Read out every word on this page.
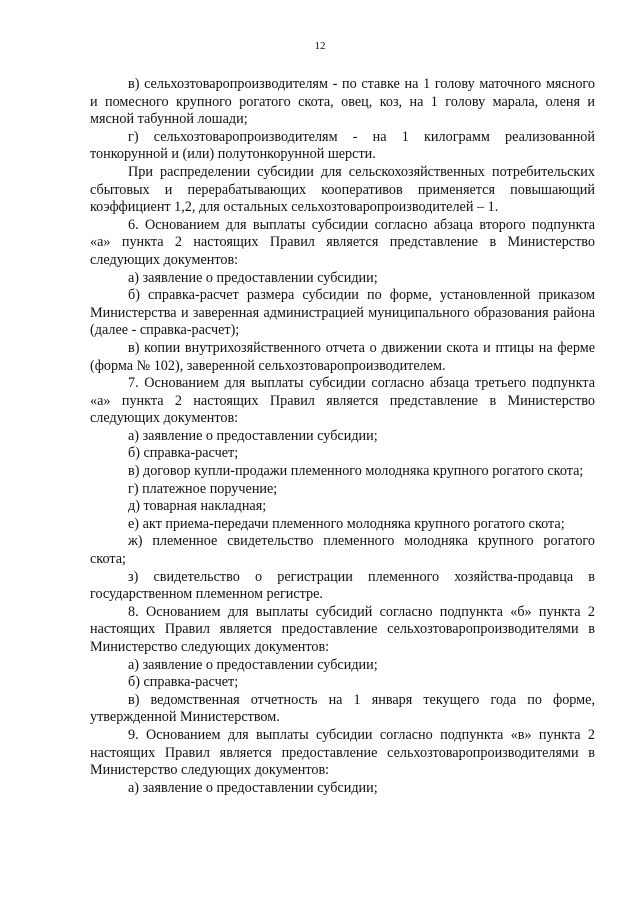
12

в) сельхозтоваропроизводителям - по ставке на 1 голову маточного мясного и помесного крупного рогатого скота, овец, коз, на 1 голову марала, оленя и мясной табунной лошади;

г) сельхозтоваропроизводителям - на 1 килограмм реализованной тонкорунной и (или) полутонкорунной шерсти.

При распределении субсидии для сельскохозяйственных потребительских сбытовых и перерабатывающих кооперативов применяется повышающий коэффициент 1,2, для остальных сельхозтоваропроизводителей – 1.

6. Основанием для выплаты субсидии согласно абзаца второго подпункта «а» пункта 2 настоящих Правил является представление в Министерство следующих документов:

а) заявление о предоставлении субсидии;

б) справка-расчет размера субсидии по форме, установленной приказом Министерства и заверенная администрацией муниципального образования района (далее - справка-расчет);

в) копии внутрихозяйственного отчета о движении скота и птицы на ферме (форма № 102), заверенной сельхозтоваропроизводителем.

7. Основанием для выплаты субсидии согласно абзаца третьего подпункта «а» пункта 2 настоящих Правил является представление в Министерство следующих документов:

а) заявление о предоставлении субсидии;

б) справка-расчет;

в) договор купли-продажи племенного молодняка крупного рогатого скота;

г) платежное поручение;

д) товарная накладная;

е) акт приема-передачи племенного молодняка крупного рогатого скота;

ж) племенное свидетельство племенного молодняка крупного рогатого скота;

з) свидетельство о регистрации племенного хозяйства-продавца в государственном племенном регистре.

8. Основанием для выплаты субсидий согласно подпункта «б» пункта 2 настоящих Правил является предоставление сельхозтоваропроизводителями в Министерство следующих документов:

а) заявление о предоставлении субсидии;

б) справка-расчет;

в) ведомственная отчетность на 1 января текущего года по форме, утвержденной Министерством.

9. Основанием для выплаты субсидии согласно подпункта «в» пункта 2 настоящих Правил является предоставление сельхозтоваропроизводителями в Министерство следующих документов:

а) заявление о предоставлении субсидии;
